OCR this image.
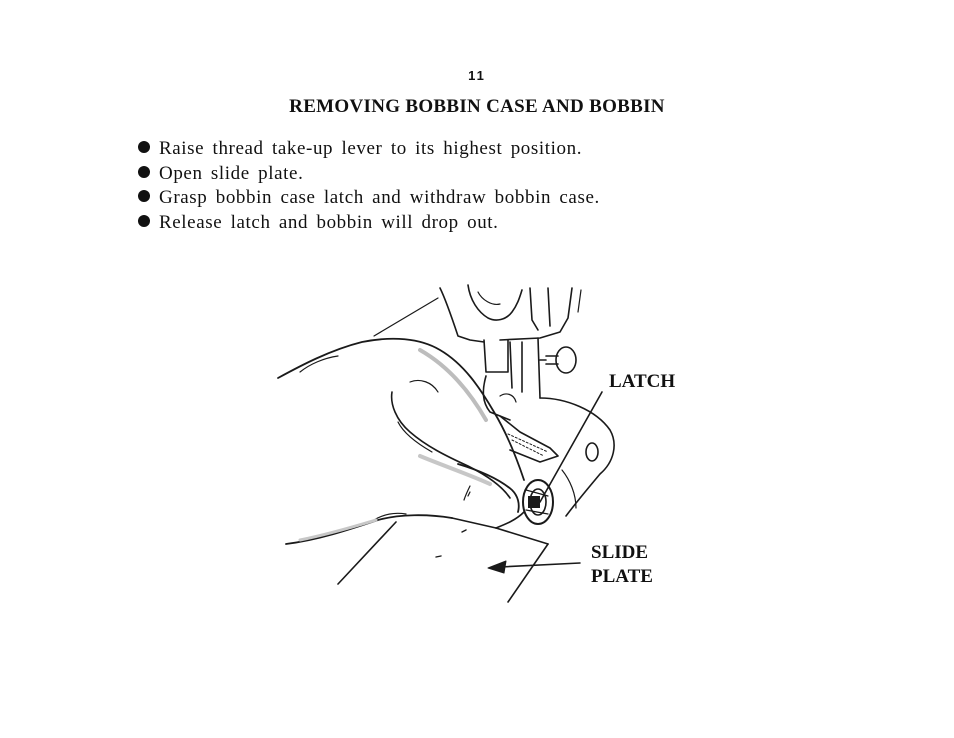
11
REMOVING BOBBIN CASE AND BOBBIN
Raise thread take-up lever to its highest position.
Open slide plate.
Grasp bobbin case latch and withdraw bobbin case.
Release latch and bobbin will drop out.
LATCH
SLIDE
PLATE
